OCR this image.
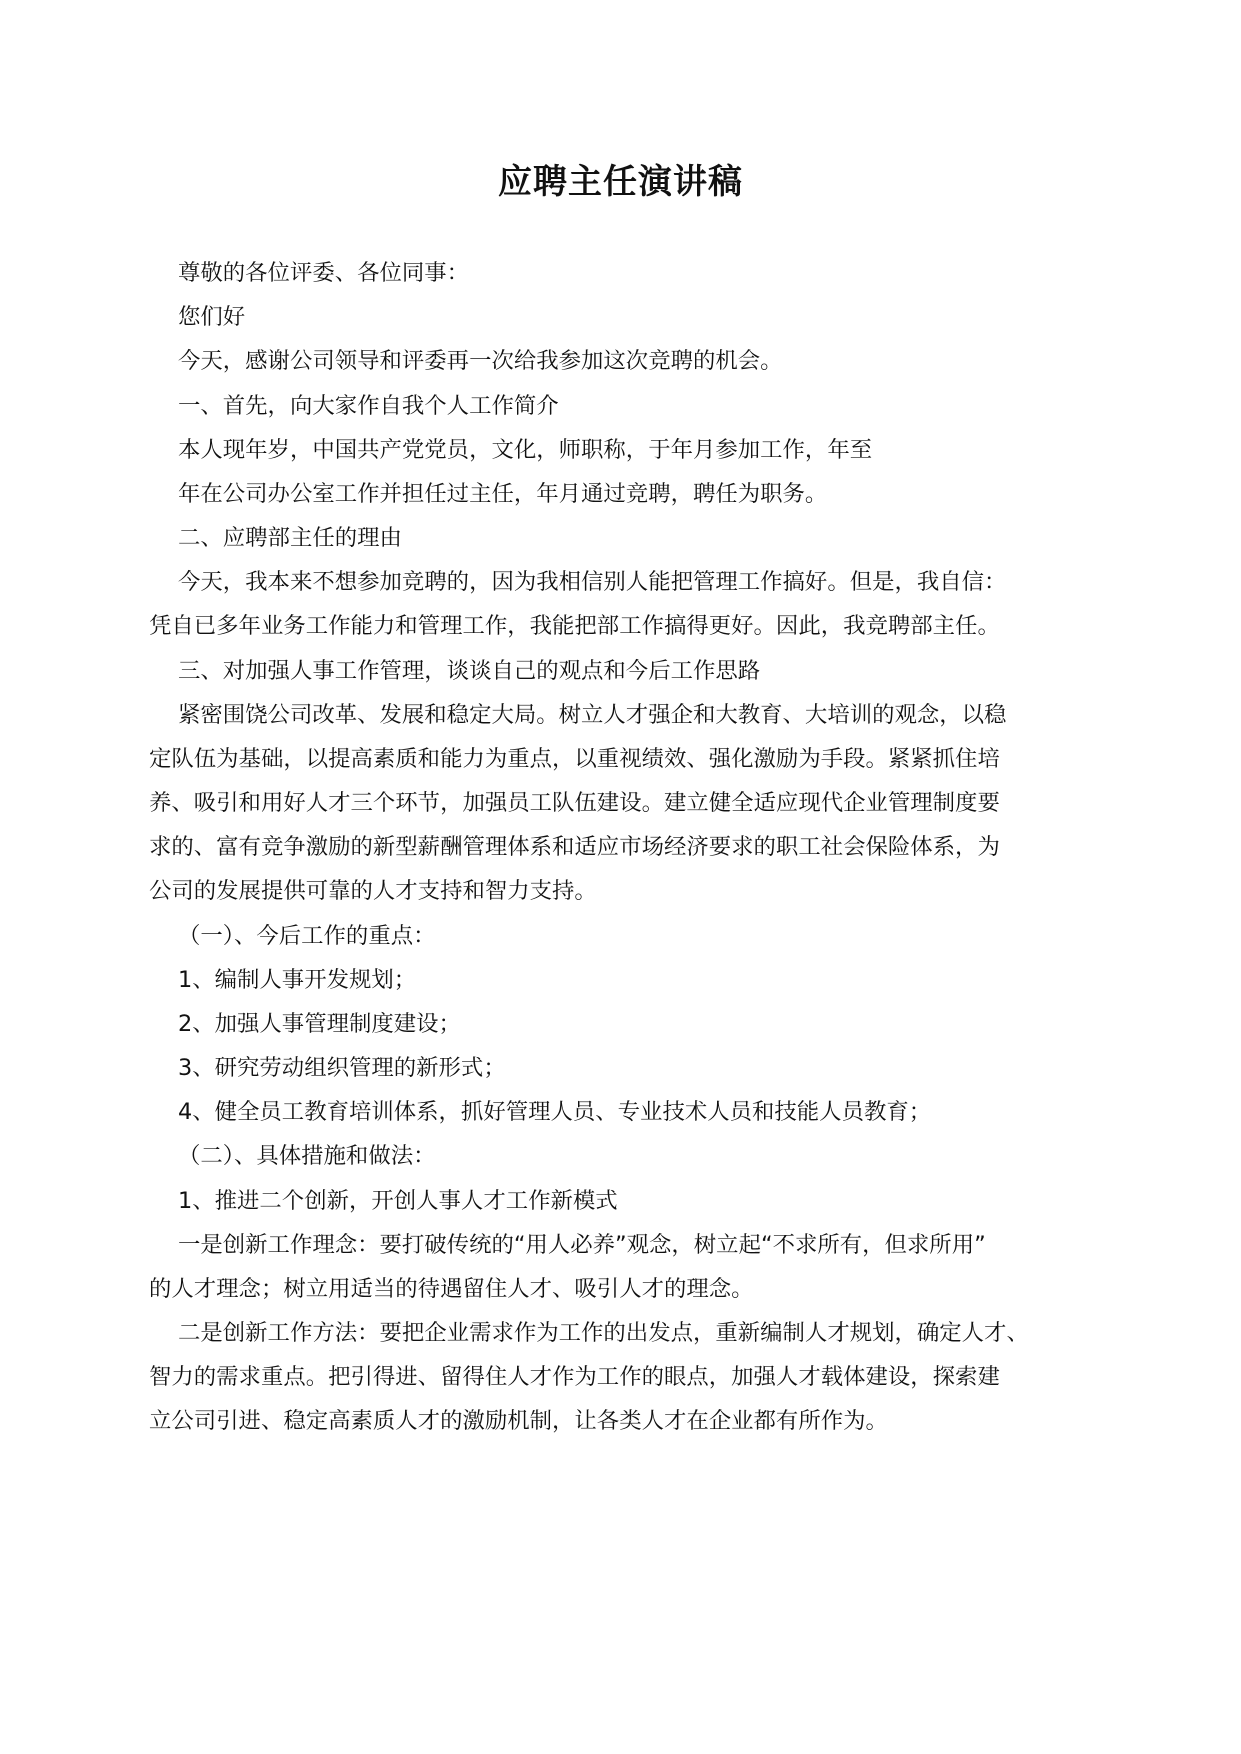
应聘主任演讲稿

尊敬的各位评委、各位同事：

您们好

今天，感谢公司领导和评委再一次给我参加这次竞聘的机会。

一、首先，向大家作自我个人工作简介

本人现年岁，中国共产党党员，文化，师职称，于年月参加工作，年至

年在公司办公室工作并担任过主任，年月通过竞聘，聘任为职务。

二、应聘部主任的理由

今天，我本来不想参加竞聘的，因为我相信别人能把管理工作搞好。但是，我自信：

凭自已多年业务工作能力和管理工作，我能把部工作搞得更好。因此，我竞聘部主任。

三、对加强人事工作管理，谈谈自己的观点和今后工作思路

紧密围饶公司改革、发展和稳定大局。树立人才强企和大教育、大培训的观念，以稳

定队伍为基础，以提高素质和能力为重点，以重视绩效、强化激励为手段。紧紧抓住培

养、吸引和用好人才三个环节，加强员工队伍建设。建立健全适应现代企业管理制度要

求的、富有竞争激励的新型薪酬管理体系和适应市场经济要求的职工社会保险体系，为

公司的发展提供可靠的人才支持和智力支持。

（一）、今后工作的重点：

1、编制人事开发规划；

2、加强人事管理制度建设；

3、研究劳动组织管理的新形式；

4、健全员工教育培训体系，抓好管理人员、专业技术人员和技能人员教育；

（二）、具体措施和做法：

1、推进二个创新，开创人事人才工作新模式

一是创新工作理念：要打破传统的“用人必养”观念，树立起“不求所有，但求所用”

的人才理念；树立用适当的待遇留住人才、吸引人才的理念。

二是创新工作方法：要把企业需求作为工作的出发点，重新编制人才规划，确定人才、

智力的需求重点。把引得进、留得住人才作为工作的眼点，加强人才载体建设，探索建

立公司引进、稳定高素质人才的激励机制，让各类人才在企业都有所作为。
